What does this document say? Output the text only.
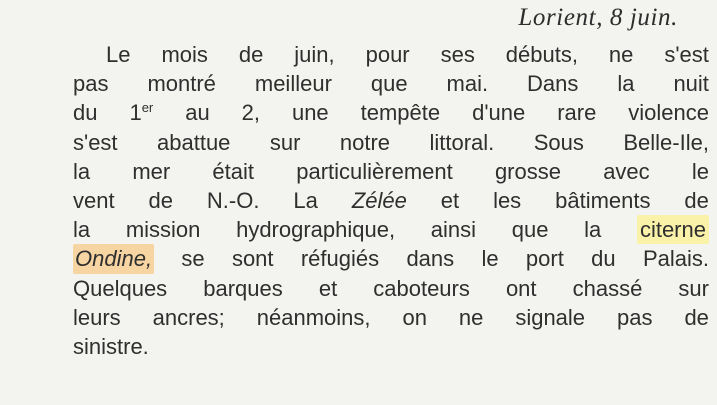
Lorient, 8 juin.
Le mois de juin, pour ses débuts, ne s'est
pas montré meilleur que mai. Dans la nuit
du 1er au 2, une tempête d'une rare violence
s'est abattue sur notre littoral. Sous Belle-Ile,
la mer était particulièrement grosse avec le
vent de N.-O. La Zélée et les bâtiments de
la mission hydrographique, ainsi que la citerne
Ondine, se sont réfugiés dans le port du Palais.
Quelques barques et caboteurs ont chassé sur
leurs ancres; néanmoins, on ne signale pas de
sinistre.
